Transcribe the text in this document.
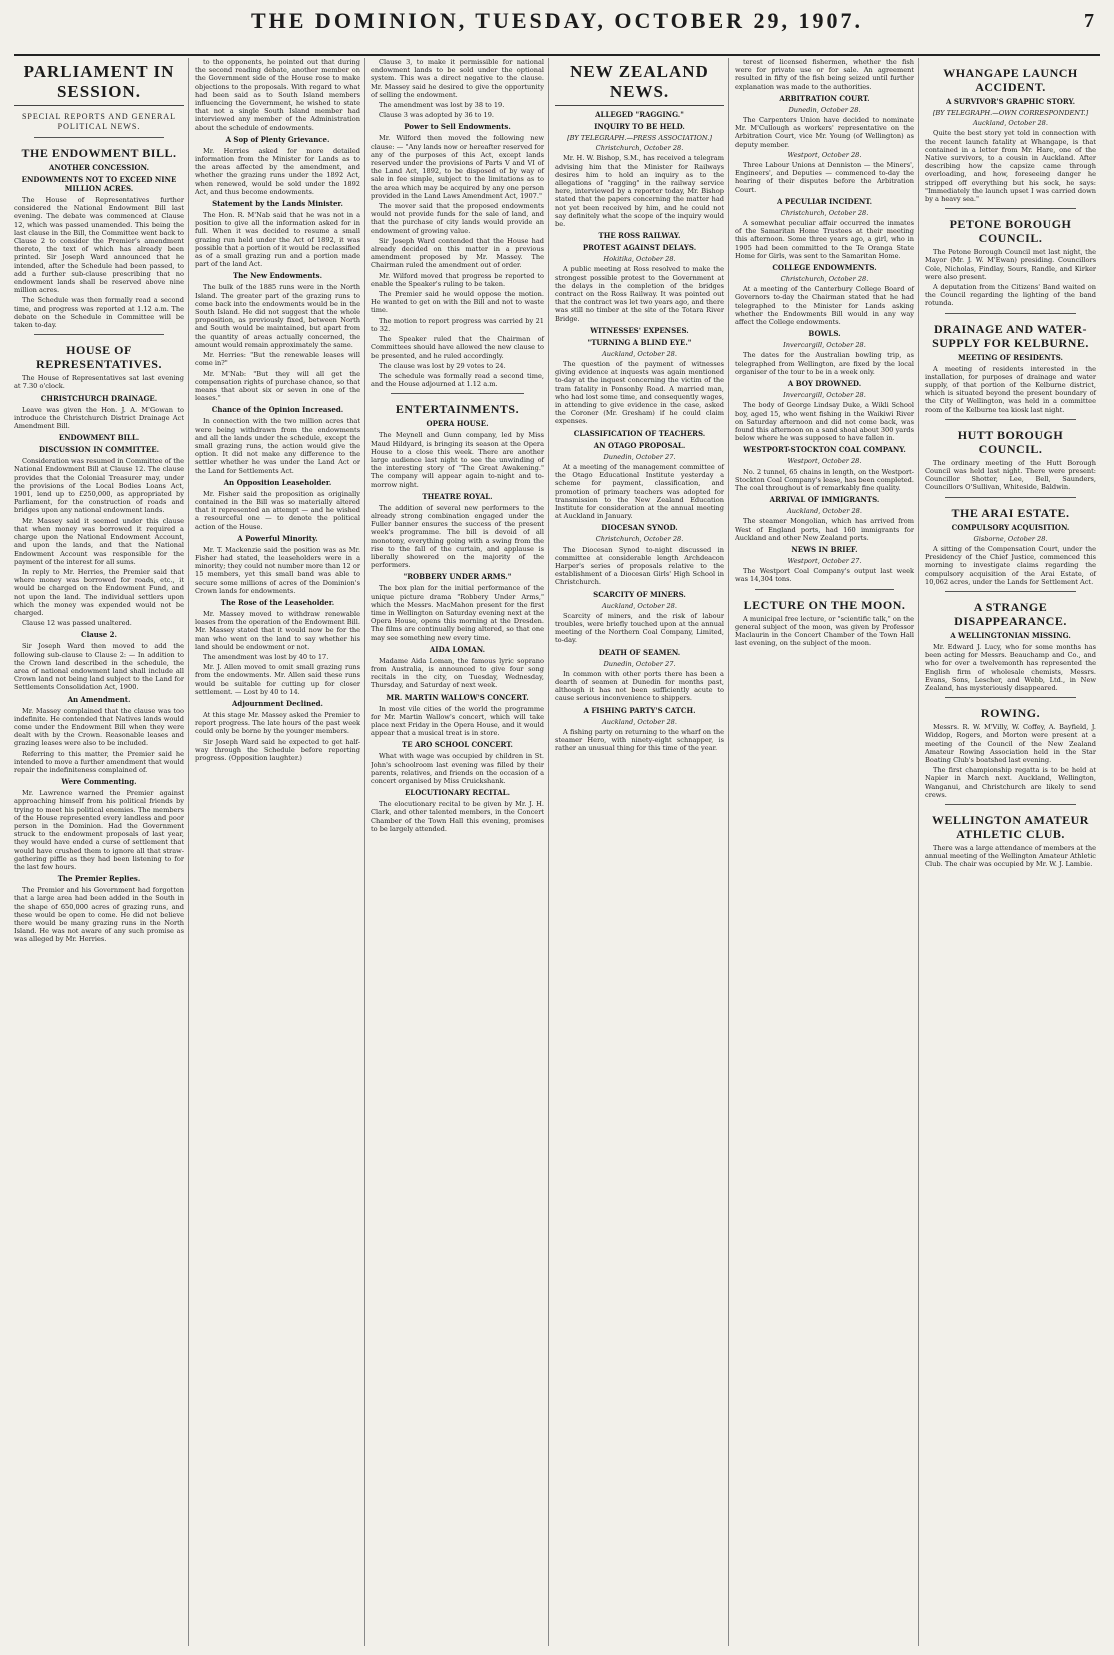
THE DOMINION, TUESDAY, OCTOBER 29, 1907.	7
PARLIAMENT IN SESSION.
SPECIAL REPORTS AND GENERAL POLITICAL NEWS.
THE ENDOWMENT BILL.

ANOTHER CONCESSION.

ENDOWMENTS NOT TO EXCEED NINE MILLION ACRES.

The House of Representatives further considered the National Endowment Bill last evening. The debate was commenced at Clause 12, which was passed unamended. This being the last clause in the Bill, the Committee went back to Clause 2 to consider the Premier's amendment thereto, the text of which has already been printed. Sir Joseph Ward announced that he intended, after the Schedule had been passed, to add a further sub-clause prescribing that no endowment lands shall be reserved above nine million acres.

The Schedule was then formally read a second time, and progress was reported at 1.12 a.m. The debate on the Schedule in Committee will be taken to-day.

HOUSE OF REPRESENTATIVES.

The House of Representatives sat last evening at 7.30 o'clock.

CHRISTCHURCH DRAINAGE.

Leave was given the Hon. J. A. M'Gowan to introduce the Christchurch District Drainage Act Amendment Bill.

ENDOWMENT BILL.

DISCUSSION IN COMMITTEE.

Consideration was resumed in Committee of the National Endowment Bill at Clause 12. The clause provides that the Colonial Treasurer may, under the provisions of the Local Bodies Loans Act, 1901, lend up to £250,000, as appropriated by Parliament, for the construction of roads and bridges upon any national endowment lands.

Mr. Massey said it seemed under this clause that when money was borrowed it required a charge upon the National Endowment Account, and upon the lands, and that the National Endowment Account was responsible for the payment of the interest for all sums.

In reply to Mr. Herries, the Premier said that where money was borrowed for roads, etc., it would be charged on the Endowment Fund, and not upon the land. The individual settlers upon which the money was expended would not be charged.

Clause 12 was passed unaltered.

Clause 2.

Sir Joseph Ward then moved to add the following sub-clause to Clause 2: — In addition to the Crown land described in the schedule, the area of national endowment land shall include all Crown land not being land subject to the Land for Settlements Consolidation Act, 1900.

An Amendment.

Mr. Massey complained that the clause was too indefinite. He contended that Natives lands would come under the Endowment Bill when they were dealt with by the Crown. Reasonable leases and grazing leases were also to be included.

Referring to this matter, the Premier said he intended to move a further amendment that would repair the indefiniteness complained of.

Were Commenting.

Mr. Lawrence warned the Premier against approaching himself from his political friends by trying to meet his political enemies. The members of the House represented every landless and poor person in the Dominion. Had the Government struck to the endowment proposals of last year, they would have ended a curse of settlement that would have crushed them to ignore all that straw-gathering piffle as they had been listening to for the last few hours.

The Premier Replies.

The Premier and his Government had forgotten that a large area had been added in the South in the shape of 650,000 acres of grazing runs, and these would be open to come. He did not believe there would be many grazing runs in the North Island. He was not aware of any such promise as was alleged by Mr. Herries.

to the opponents, he pointed out that during the second reading debate, another member on the Government side of the House rose to make objections to the proposals. With regard to what had been said as to South Island members influencing the Government, he wished to state that not a single South Island member had interviewed any member of the Administration about the schedule of endowments.

A Sop of Plenty Grievance.

Mr. Herries asked for more detailed information from the Minister for Lands as to the areas affected by the amendment, and whether the grazing runs under the 1892 Act, when renewed, would be sold under the 1892 Act, and thus become endowments.

Statement by the Lands Minister.

The Hon. R. M'Nab said that he was not in a position to give all the information asked for in full. When it was decided to resume a small grazing run held under the Act of 1892, it was possible that a portion of it would be reclassified as of a small grazing run and a portion made part of the land Act.

The New Endowments.

The bulk of the 1885 runs were in the North Island. The greater part of the grazing runs to come back into the endowments would be in the South Island. He did not suggest that the whole proposition, as previously fixed, between North and South would be maintained, but apart from the quantity of areas actually concerned, the amount would remain approximately the same.

Mr. Herries: "But the renewable leases will come in?"

Mr. M'Nab: "But they will all get the compensation rights of purchase chance, so that means that about six or seven in one of the leases."

Chance of the Opinion Increased.

In connection with the two million acres that were being withdrawn from the endowments and all the lands under the schedule, except the small grazing runs, the action would give the option. It did not make any difference to the settler whether he was under the Land Act or the Land for Settlements Act.

An Opposition Leaseholder.

Mr. Fisher said the proposition as originally contained in the Bill was so materially altered that it represented an attempt — and he wished a resourceful one — to denote the political action of the House.

A Powerful Minority.

Mr. T. Mackenzie said the position was as Mr. Fisher had stated, the leaseholders were in a minority; they could not number more than 12 or 15 members, yet this small band was able to secure some millions of acres of the Dominion's Crown lands for endowments.

The Rose of the Leaseholder.

Mr. Massey moved to withdraw renewable leases from the operation of the Endowment Bill. Mr. Massey stated that it would now be for the man who went on the land to say whether his land should be endowment or not.

The amendment was lost by 40 to 17.

Mr. J. Allen moved to omit small grazing runs from the endowments. Mr. Allen said these runs would be suitable for cutting up for closer settlement. — Lost by 40 to 14.

Adjournment Declined.

At this stage Mr. Massey asked the Premier to report progress. The late hours of the past week could only be borne by the younger members.

Sir Joseph Ward said he expected to get half-way through the Schedule before reporting progress. (Opposition laughter.)

Clause 3, to make it permissible for national endowment lands to be sold under the optional system. This was a direct negative to the clause. Mr. Massey said he desired to give the opportunity of selling the endowment.

The amendment was lost by 38 to 19.

Clause 3 was adopted by 36 to 19.

Power to Sell Endowments.

Mr. Wilford then moved the following new clause: — "Any lands now or hereafter reserved for any of the purposes of this Act, except lands reserved under the provisions of Parts V and VI of the Land Act, 1892, to be disposed of by way of sale in fee simple, subject to the limitations as to the area which may be acquired by any one person provided in the Land Laws Amendment Act, 1907."

The mover said that the proposed endowments would not provide funds for the sale of land, and that the purchase of city lands would provide an endowment of growing value.

Sir Joseph Ward contended that the House had already decided on this matter in a previous amendment proposed by Mr. Massey. The Chairman ruled the amendment out of order.

Mr. Wilford moved that progress be reported to enable the Speaker's ruling to be taken.

The Premier said he would oppose the motion. He wanted to get on with the Bill and not to waste time.

The motion to report progress was carried by 21 to 32.

The Speaker ruled that the Chairman of Committees should have allowed the new clause to be presented, and he ruled accordingly.

The clause was lost by 29 votes to 24.

The schedule was formally read a second time, and the House adjourned at 1.12 a.m.

ENTERTAINMENTS.

OPERA HOUSE.

The Meynell and Gunn company, led by Miss Maud Hildyard, is bringing its season at the Opera House to a close this week. There are another large audience last night to see the unwinding of the interesting story of "The Great Awakening." The company will appear again to-night and to-morrow night.

THEATRE ROYAL.

The addition of several new performers to the already strong combination engaged under the Fuller banner ensures the success of the present week's programme. The bill is devoid of all monotony, everything going with a swing from the rise to the fall of the curtain, and applause is liberally showered on the majority of the performers.

"ROBBERY UNDER ARMS."

The box plan for the initial performance of the unique picture drama "Robbery Under Arms," which the Messrs. MacMahon present for the first time in Wellington on Saturday evening next at the Opera House, opens this morning at the Dresden. The films are continually being altered, so that one may see something new every time.

AIDA LOMAN.

Madame Aida Loman, the famous lyric soprano from Australia, is announced to give four song recitals in the city, on Tuesday, Wednesday, Thursday, and Saturday of next week.

MR. MARTIN WALLOW'S CONCERT.

In most vile cities of the world the programme for Mr. Martin Wallow's concert, which will take place next Friday in the Opera House, and it would appear that a musical treat is in store.

TE ARO SCHOOL CONCERT.

What with wage was occupied by children in St. John's schoolroom last evening was filled by their parents, relatives, and friends on the occasion of a concert organised by Miss Cruickshank.

ELOCUTIONARY RECITAL.

The elocutionary recital to be given by Mr. J. H. Clark, and other talented members, in the Concert Chamber of the Town Hall this evening, promises to be largely attended.

NEW ZEALAND NEWS.

ALLEGED "RAGGING."

INQUIRY TO BE HELD.

[BY TELEGRAPH.—PRESS ASSOCIATION.]

Christchurch, October 28.

Mr. H. W. Bishop, S.M., has received a telegram advising him that the Minister for Railways desires him to hold an inquiry as to the allegations of "ragging" in the railway service here, interviewed by a reporter today, Mr. Bishop stated that the papers concerning the matter had not yet been received by him, and he could not say definitely what the scope of the inquiry would be.

THE ROSS RAILWAY.

PROTEST AGAINST DELAYS.

Hokitika, October 28.

A public meeting at Ross resolved to make the strongest possible protest to the Government at the delays in the completion of the bridges contract on the Ross Railway. It was pointed out that the contract was let two years ago, and there was still no timber at the site of the Totara River Bridge.

WITNESSES' EXPENSES.

"TURNING A BLIND EYE."

Auckland, October 28.

The question of the payment of witnesses giving evidence at inquests was again mentioned to-day at the inquest concerning the victim of the tram fatality in Ponsonby Road. A married man, who had lost some time, and consequently wages, in attending to give evidence in the case, asked the Coroner (Mr. Gresham) if he could claim expenses.

CLASSIFICATION OF TEACHERS.

AN OTAGO PROPOSAL.

Dunedin, October 27.

At a meeting of the management committee of the Otago Educational Institute yesterday a scheme for payment, classification, and promotion of primary teachers was adopted for transmission to the New Zealand Education Institute for consideration at the annual meeting at Auckland in January.

DIOCESAN SYNOD.

Christchurch, October 28.

The Diocesan Synod to-night discussed in committee at considerable length Archdeacon Harper's series of proposals relative to the establishment of a Diocesan Girls' High School in Christchurch.

SCARCITY OF MINERS.

Auckland, October 28.

Scarcity of miners, and the risk of labour troubles, were briefly touched upon at the annual meeting of the Northern Coal Company, Limited, to-day.

DEATH OF SEAMEN.

Dunedin, October 27.

In common with other ports there has been a dearth of seamen at Dunedin for months past, although it has not been sufficiently acute to cause serious inconvenience to shippers.

A FISHING PARTY'S CATCH.

Auckland, October 28.

A fishing party on returning to the wharf on the steamer Hero, with ninety-eight schnapper, is rather an unusual thing for this time of the year.

terest of licensed fishermen, whether the fish were for private use or for sale. An agreement resulted in fifty of the fish being seized until further explanation was made to the authorities.

ARBITRATION COURT.

Dunedin, October 28.

The Carpenters Union have decided to nominate Mr. M'Cullough as workers' representative on the Arbitration Court, vice Mr. Young (of Wellington) as deputy member.

Westport, October 28.

Three Labour Unions at Denniston — the Miners', Engineers', and Deputies — commenced to-day the hearing of their disputes before the Arbitration Court.

A PECULIAR INCIDENT.

Christchurch, October 28.

A somewhat peculiar affair occurred the inmates of the Samaritan Home Trustees at their meeting this afternoon. Some three years ago, a girl, who in 1905 had been committed to the Te Oranga State Home for Girls, was sent to the Samaritan Home.

COLLEGE ENDOWMENTS.

Christchurch, October 28.

At a meeting of the Canterbury College Board of Governors to-day the Chairman stated that he had telegraphed to the Minister for Lands asking whether the Endowments Bill would in any way affect the College endowments.

BOWLS.

Invercargill, October 28.

The dates for the Australian bowling trip, as telegraphed from Wellington, are fixed by the local organiser of the tour to be in a week only.

A BOY DROWNED.

Invercargill, October 28.

The body of George Lindsay Duke, a Wikli School boy, aged 15, who went fishing in the Waikiwi River on Saturday afternoon and did not come back, was found this afternoon on a sand shoal about 300 yards below where he was supposed to have fallen in.

WESTPORT-STOCKTON COAL COMPANY.

Westport, October 28.

No. 2 tunnel, 65 chains in length, on the Westport-Stockton Coal Company's lease, has been completed. The coal throughout is of remarkably fine quality.

ARRIVAL OF IMMIGRANTS.

Auckland, October 28.

The steamer Mongolian, which has arrived from West of England ports, had 160 immigrants for Auckland and other New Zealand ports.

NEWS IN BRIEF.

Westport, October 27.

The Westport Coal Company's output last week was 14,304 tons.

LECTURE ON THE MOON.

A municipal free lecture, or "scientific talk," on the general subject of the moon, was given by Professor Maclaurin in the Concert Chamber of the Town Hall last evening, on the subject of the moon.

WHANGAPE LAUNCH ACCIDENT.

A SURVIVOR'S GRAPHIC STORY.

[BY TELEGRAPH.—OWN CORRESPONDENT.]

Auckland, October 28.

Quite the best story yet told in connection with the recent launch fatality at Whangape, is that contained in a letter from Mr. Hare, one of the Native survivors, to a cousin in Auckland. After describing how the capsize came through overloading, and how, foreseeing danger he stripped off everything but his sock, he says: "Immediately the launch upset I was carried down by a heavy sea."

PETONE BOROUGH COUNCIL.

The Petone Borough Council met last night, the Mayor (Mr. J. W. M'Ewan) presiding. Councillors Cole, Nicholas, Findlay, Sours, Randle, and Kirker were also present.

A deputation from the Citizens' Band waited on the Council regarding the lighting of the band rotunda.

DRAINAGE AND WATER-SUPPLY FOR KELBURNE.

MEETING OF RESIDENTS.

A meeting of residents interested in the installation, for purposes of drainage and water supply, of that portion of the Kelburne district, which is situated beyond the present boundary of the City of Wellington, was held in a committee room of the Kelburne tea kiosk last night.

HUTT BOROUGH COUNCIL.

The ordinary meeting of the Hutt Borough Council was held last night. There were present: Councillor Shotter, Lee, Bell, Saunders, Councillors O'Sullivan, Whiteside, Baldwin.

THE ARAI ESTATE.

COMPULSORY ACQUISITION.

Gisborne, October 28.

A sitting of the Compensation Court, under the Presidency of the Chief Justice, commenced this morning to investigate claims regarding the compulsory acquisition of the Arai Estate, of 10,062 acres, under the Lands for Settlement Act.

A STRANGE DISAPPEARANCE.

A WELLINGTONIAN MISSING.

Mr. Edward J. Lucy, who for some months has been acting for Messrs. Beauchamp and Co., and who for over a twelvemonth has represented the English firm of wholesale chemists, Messrs. Evans, Sons, Lescher, and Webb, Ltd., in New Zealand, has mysteriously disappeared.

ROWING.

Messrs. R. W. M'Villy, W. Coffey, A. Bayfield, J. Widdop, Rogers, and Morton were present at a meeting of the Council of the New Zealand Amateur Rowing Association held in the Star Boating Club's boatshed last evening.

The first championship regatta is to be held at Napier in March next. Auckland, Wellington, Wanganui, and Christchurch are likely to send crews.

WELLINGTON AMATEUR ATHLETIC CLUB.

There was a large attendance of members at the annual meeting of the Wellington Amateur Athletic Club. The chair was occupied by Mr. W. J. Lambie.
